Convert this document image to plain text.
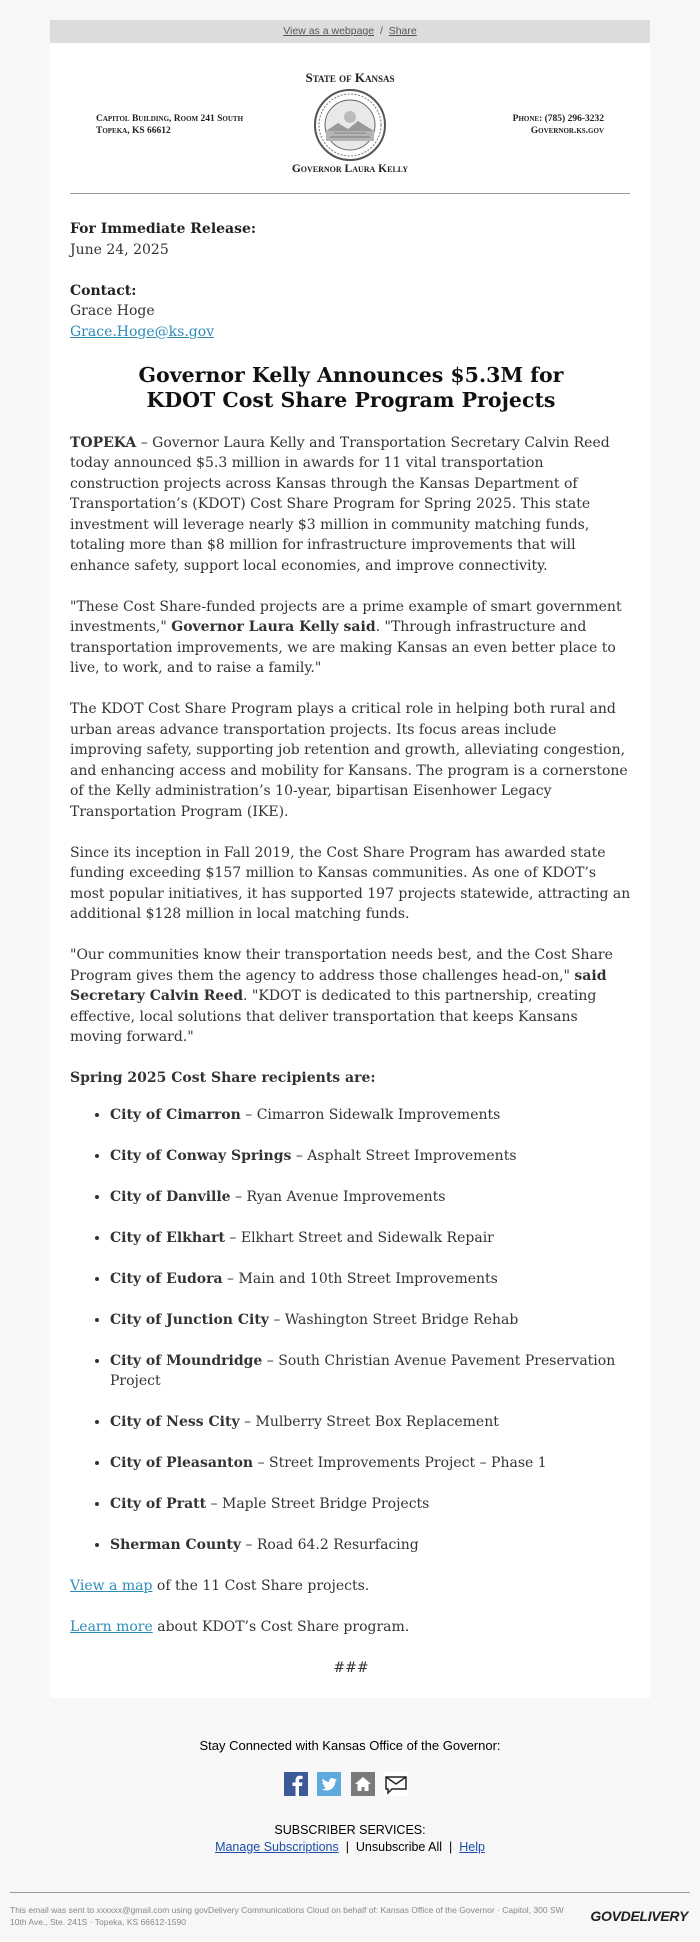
View as a webpage / Share
State of Kansas
Capitol Building, Room 241 South
Topeka, KS 66612
Phone: (785) 296-3232
Governor.ks.gov
Governor Laura Kelly
For Immediate Release:
June 24, 2025
Contact:
Grace Hoge
Grace.Hoge@ks.gov
Governor Kelly Announces $5.3M for
KDOT Cost Share Program Projects

TOPEKA – Governor Laura Kelly and Transportation Secretary Calvin Reed today announced $5.3 million in awards for 11 vital transportation construction projects across Kansas through the Kansas Department of Transportation’s (KDOT) Cost Share Program for Spring 2025. This state investment will leverage nearly $3 million in community matching funds, totaling more than $8 million for infrastructure improvements that will enhance safety, support local economies, and improve connectivity.

"These Cost Share-funded projects are a prime example of smart government investments," Governor Laura Kelly said. "Through infrastructure and transportation improvements, we are making Kansas an even better place to live, to work, and to raise a family."

The KDOT Cost Share Program plays a critical role in helping both rural and urban areas advance transportation projects. Its focus areas include improving safety, supporting job retention and growth, alleviating congestion, and enhancing access and mobility for Kansans. The program is a cornerstone of the Kelly administration’s 10-year, bipartisan Eisenhower Legacy Transportation Program (IKE).

Since its inception in Fall 2019, the Cost Share Program has awarded state funding exceeding $157 million to Kansas communities. As one of KDOT’s most popular initiatives, it has supported 197 projects statewide, attracting an additional $128 million in local matching funds.

"Our communities know their transportation needs best, and the Cost Share Program gives them the agency to address those challenges head-on," said Secretary Calvin Reed. "KDOT is dedicated to this partnership, creating effective, local solutions that deliver transportation that keeps Kansans moving forward."

Spring 2025 Cost Share recipients are:
• City of Cimarron – Cimarron Sidewalk Improvements
• City of Conway Springs – Asphalt Street Improvements
• City of Danville – Ryan Avenue Improvements
• City of Elkhart – Elkhart Street and Sidewalk Repair
• City of Eudora – Main and 10th Street Improvements
• City of Junction City – Washington Street Bridge Rehab
• City of Moundridge – South Christian Avenue Pavement Preservation Project
• City of Ness City – Mulberry Street Box Replacement
• City of Pleasanton – Street Improvements Project – Phase 1
• City of Pratt – Maple Street Bridge Projects
• Sherman County – Road 64.2 Resurfacing

View a map of the 11 Cost Share projects.

Learn more about KDOT’s Cost Share program.

###
Stay Connected with Kansas Office of the Governor:

SUBSCRIBER SERVICES:
Manage Subscriptions | Unsubscribe All | Help
This email was sent to xxxxxx@gmail.com using govDelivery Communications Cloud on behalf of: Kansas Office of the Governor · Capitol, 300 SW 10th Ave., Ste. 241S · Topeka, KS 66612-1590	GOVDELIVERY
